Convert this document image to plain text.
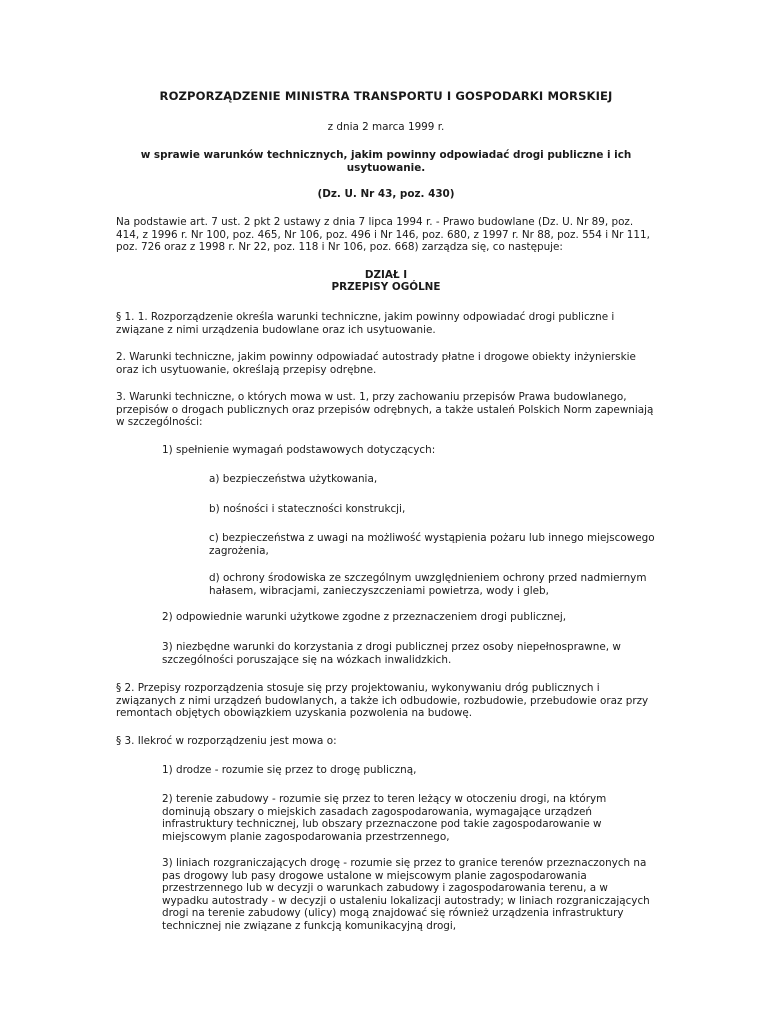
ROZPORZĄDZENIE MINISTRA TRANSPORTU I GOSPODARKI MORSKIEJ

z dnia 2 marca 1999 r.

w sprawie warunków technicznych, jakim powinny odpowiadać drogi publiczne i ich usytuowanie.

(Dz. U. Nr 43, poz. 430)

Na podstawie art. 7 ust. 2 pkt 2 ustawy z dnia 7 lipca 1994 r. - Prawo budowlane (Dz. U. Nr 89, poz. 414, z 1996 r. Nr 100, poz. 465, Nr 106, poz. 496 i Nr 146, poz. 680, z 1997 r. Nr 88, poz. 554 i Nr 111, poz. 726 oraz z 1998 r. Nr 22, poz. 118 i Nr 106, poz. 668) zarządza się, co następuje:

DZIAŁ I

PRZEPISY OGÓLNE

§ 1. 1. Rozporządzenie określa warunki techniczne, jakim powinny odpowiadać drogi publiczne i związane z nimi urządzenia budowlane oraz ich usytuowanie.

2. Warunki techniczne, jakim powinny odpowiadać autostrady płatne i drogowe obiekty inżynierskie oraz ich usytuowanie, określają przepisy odrębne.

3. Warunki techniczne, o których mowa w ust. 1, przy zachowaniu przepisów Prawa budowlanego, przepisów o drogach publicznych oraz przepisów odrębnych, a także ustaleń Polskich Norm zapewniają w szczególności:

1) spełnienie wymagań podstawowych dotyczących:

a) bezpieczeństwa użytkowania,

b) nośności i stateczności konstrukcji,

c) bezpieczeństwa z uwagi na możliwość wystąpienia pożaru lub innego miejscowego zagrożenia,

d) ochrony środowiska ze szczególnym uwzględnieniem ochrony przed nadmiernym hałasem, wibracjami, zanieczyszczeniami powietrza, wody i gleb,

2) odpowiednie warunki użytkowe zgodne z przeznaczeniem drogi publicznej,

3) niezbędne warunki do korzystania z drogi publicznej przez osoby niepełnosprawne, w szczególności poruszające się na wózkach inwalidzkich.

§ 2. Przepisy rozporządzenia stosuje się przy projektowaniu, wykonywaniu dróg publicznych i związanych z nimi urządzeń budowlanych, a także ich odbudowie, rozbudowie, przebudowie oraz przy remontach objętych obowiązkiem uzyskania pozwolenia na budowę.

§ 3. Ilekroć w rozporządzeniu jest mowa o:

1) drodze - rozumie się przez to drogę publiczną,

2) terenie zabudowy - rozumie się przez to teren leżący w otoczeniu drogi, na którym dominują obszary o miejskich zasadach zagospodarowania, wymagające urządzeń infrastruktury technicznej, lub obszary przeznaczone pod takie zagospodarowanie w miejscowym planie zagospodarowania przestrzennego,

3) liniach rozgraniczających drogę - rozumie się przez to granice terenów przeznaczonych na pas drogowy lub pasy drogowe ustalone w miejscowym planie zagospodarowania przestrzennego lub w decyzji o warunkach zabudowy i zagospodarowania terenu, a w wypadku autostrady - w decyzji o ustaleniu lokalizacji autostrady; w liniach rozgraniczających drogi na terenie zabudowy (ulicy) mogą znajdować się również urządzenia infrastruktury technicznej nie związane z funkcją komunikacyjną drogi,
